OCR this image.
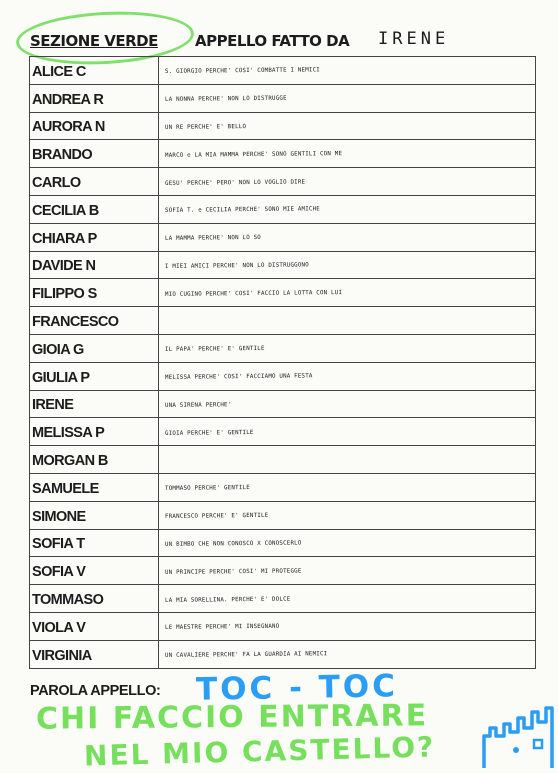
SEZIONE VERDE APPELLO FATTO DA IRENE
ALICE C	S. GIORGIO PERCHE' COSI' COMBATTE I NEMICI

ANDREA R	LA NONNA PERCHE' NON LO DISTRUGGE

AURORA N	UN RE PERCHE' E' BELLO

BRANDO	MARCO e LA MIA MAMMA PERCHE' SONO GENTILI CON ME

CARLO	GESU' PERCHE' PERO' NON LO VOGLIO DIRE

CECILIA B	SOFIA T. e CECILIA PERCHE' SONO MIE AMICHE

CHIARA P	LA MAMMA PERCHE' NON LO SO

DAVIDE N	I MIEI AMICI PERCHE' NON LO DISTRUGGONO

FILIPPO S	MIO CUGINO PERCHE' COSI' FACCIO LA LOTTA CON LUI

FRANCESCO	

GIOIA G	IL PAPA' PERCHE' E' GENTILE

GIULIA P	MELISSA PERCHE' COSI' FACCIAMO UNA FESTA

IRENE	UNA SIRENA PERCHE'

MELISSA P	GIOIA PERCHE' E' GENTILE

MORGAN B	

SAMUELE	TOMMASO PERCHE' GENTILE

SIMONE	FRANCESCO PERCHE' E' GENTILE

SOFIA T	UN BIMBO CHE NON CONOSCO X CONOSCERLO

SOFIA V	UN PRINCIPE PERCHE' COSI' MI PROTEGGE

TOMMASO	LA MIA SORELLINA. PERCHE' E' DOLCE

VIOLA V	LE MAESTRE PERCHE' MI INSEGNANO

VIRGINIA	UN CAVALIERE PERCHE' FA LA GUARDIA AI NEMICI
PAROLA APPELLO: TOC - TOC
CHI FACCIO ENTRARE
NEL MIO CASTELLO?
